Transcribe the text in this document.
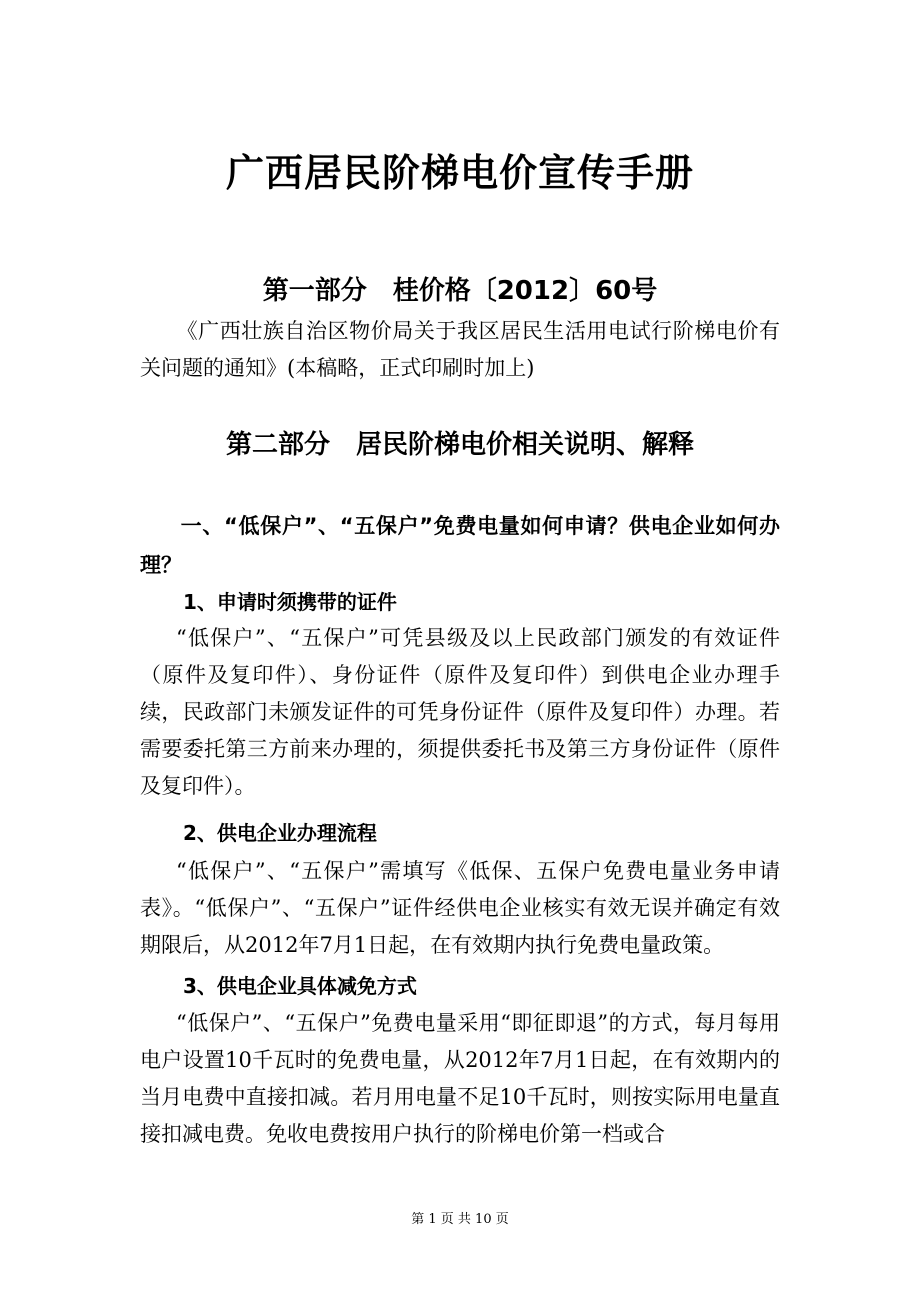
广西居民阶梯电价宣传手册
第一部分　桂价格〔2012〕60号
《广西壮族自治区物价局关于我区居民生活用电试行阶梯电价有关问题的通知》(本稿略，正式印刷时加上)
第二部分　居民阶梯电价相关说明、解释
一、“低保户”、“五保户”免费电量如何申请？供电企业如何办理？
1、申请时须携带的证件
“低保户”、“五保户”可凭县级及以上民政部门颁发的有效证件（原件及复印件）、身份证件（原件及复印件）到供电企业办理手续，民政部门未颁发证件的可凭身份证件（原件及复印件）办理。若需要委托第三方前来办理的，须提供委托书及第三方身份证件（原件及复印件）。
2、供电企业办理流程
“低保户”、“五保户”需填写《低保、五保户免费电量业务申请表》。“低保户”、“五保户”证件经供电企业核实有效无误并确定有效期限后，从2012年7月1日起，在有效期内执行免费电量政策。
3、供电企业具体减免方式
“低保户”、“五保户”免费电量采用“即征即退”的方式，每月每用电户设置10千瓦时的免费电量，从2012年7月1日起，在有效期内的当月电费中直接扣减。若月用电量不足10千瓦时，则按实际用电量直接扣减电费。免收电费按用户执行的阶梯电价第一档或合
第 1 页 共 10 页
